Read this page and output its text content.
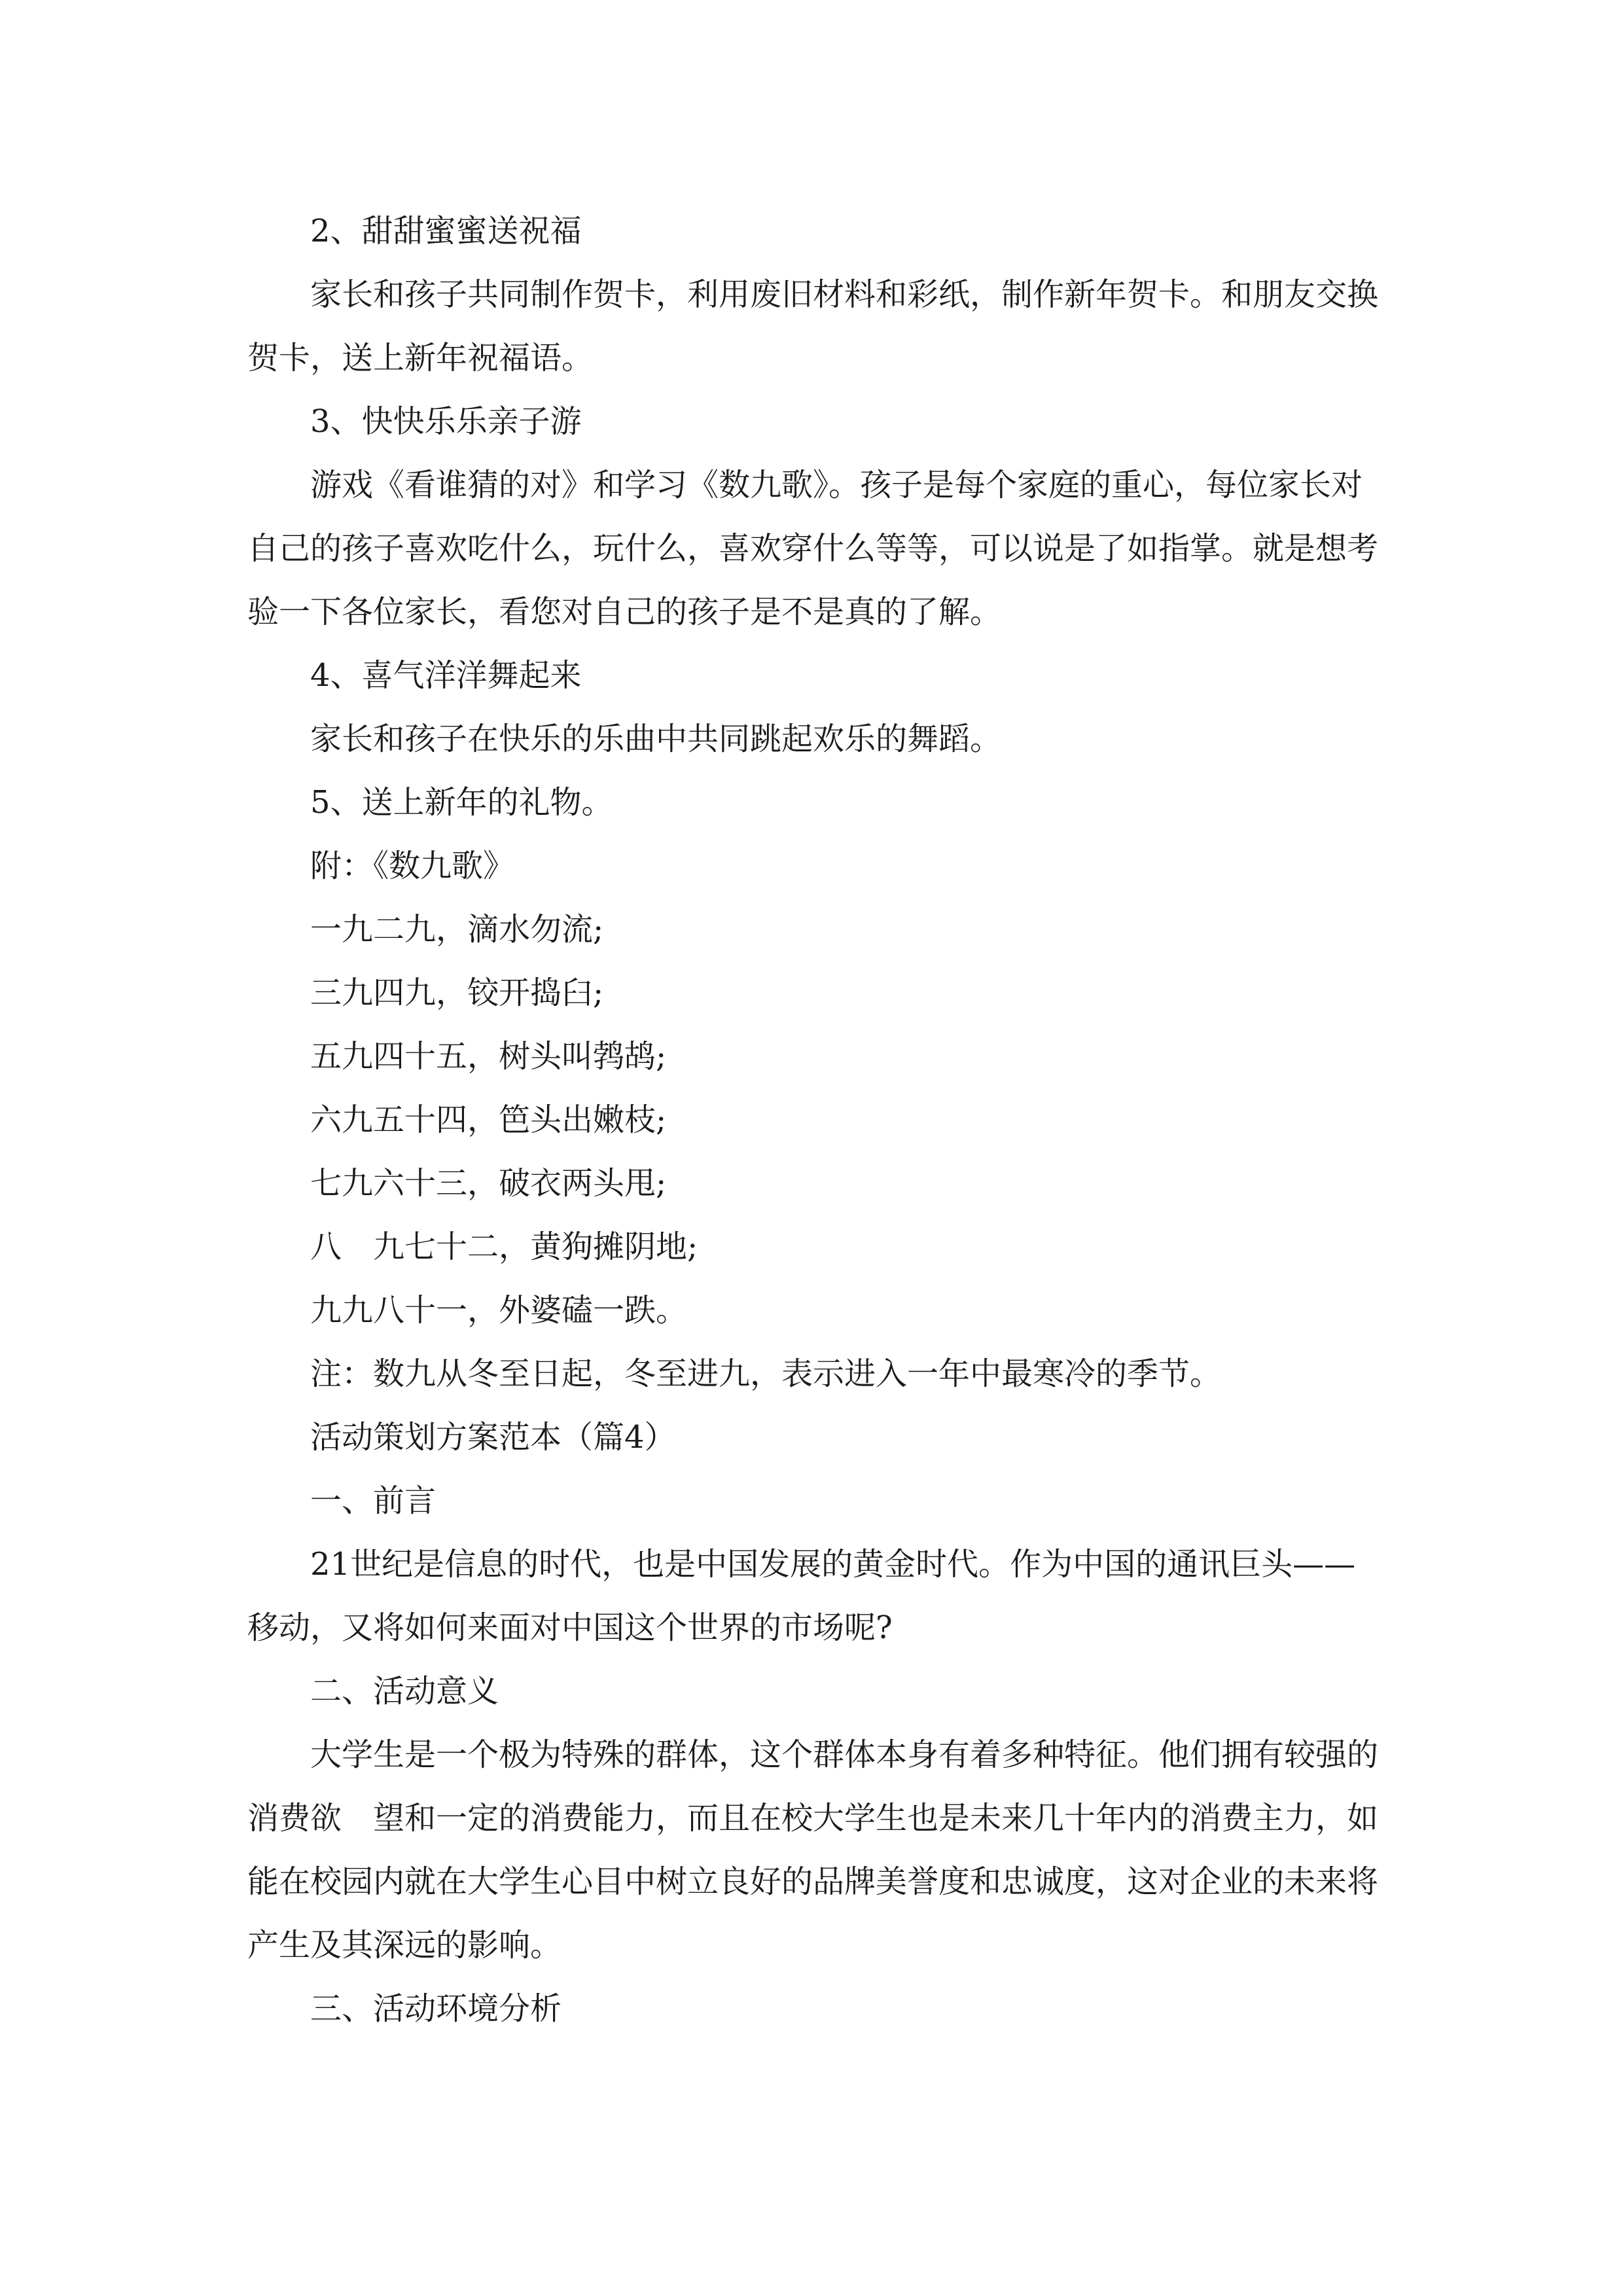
2、甜甜蜜蜜送祝福

家长和孩子共同制作贺卡，利用废旧材料和彩纸，制作新年贺卡。和朋友交换贺卡，送上新年祝福语。

3、快快乐乐亲子游

游戏《看谁猜的对》和学习《数九歌》。孩子是每个家庭的重心，每位家长对自己的孩子喜欢吃什么，玩什么，喜欢穿什么等等，可以说是了如指掌。就是想考验一下各位家长，看您对自己的孩子是不是真的了解。

4、喜气洋洋舞起来

家长和孩子在快乐的乐曲中共同跳起欢乐的舞蹈。

5、送上新年的礼物。

附：《数九歌》

一九二九，滴水勿流;

三九四九，铰开捣臼;

五九四十五，树头叫鹁鸪;

六九五十四，笆头出嫩枝;

七九六十三，破衣两头甩;

八　九七十二，黄狗摊阴地;

九九八十一，外婆磕一跌。

注：数九从冬至日起，冬至进九，表示进入一年中最寒冷的季节。

活动策划方案范本（篇4）

一、前言

21世纪是信息的时代，也是中国发展的黄金时代。作为中国的通讯巨头——移动，又将如何来面对中国这个世界的市场呢?

二、活动意义

大学生是一个极为特殊的群体，这个群体本身有着多种特征。他们拥有较强的消费欲　望和一定的消费能力，而且在校大学生也是未来几十年内的消费主力，如能在校园内就在大学生心目中树立良好的品牌美誉度和忠诚度，这对企业的未来将产生及其深远的影响。

三、活动环境分析
